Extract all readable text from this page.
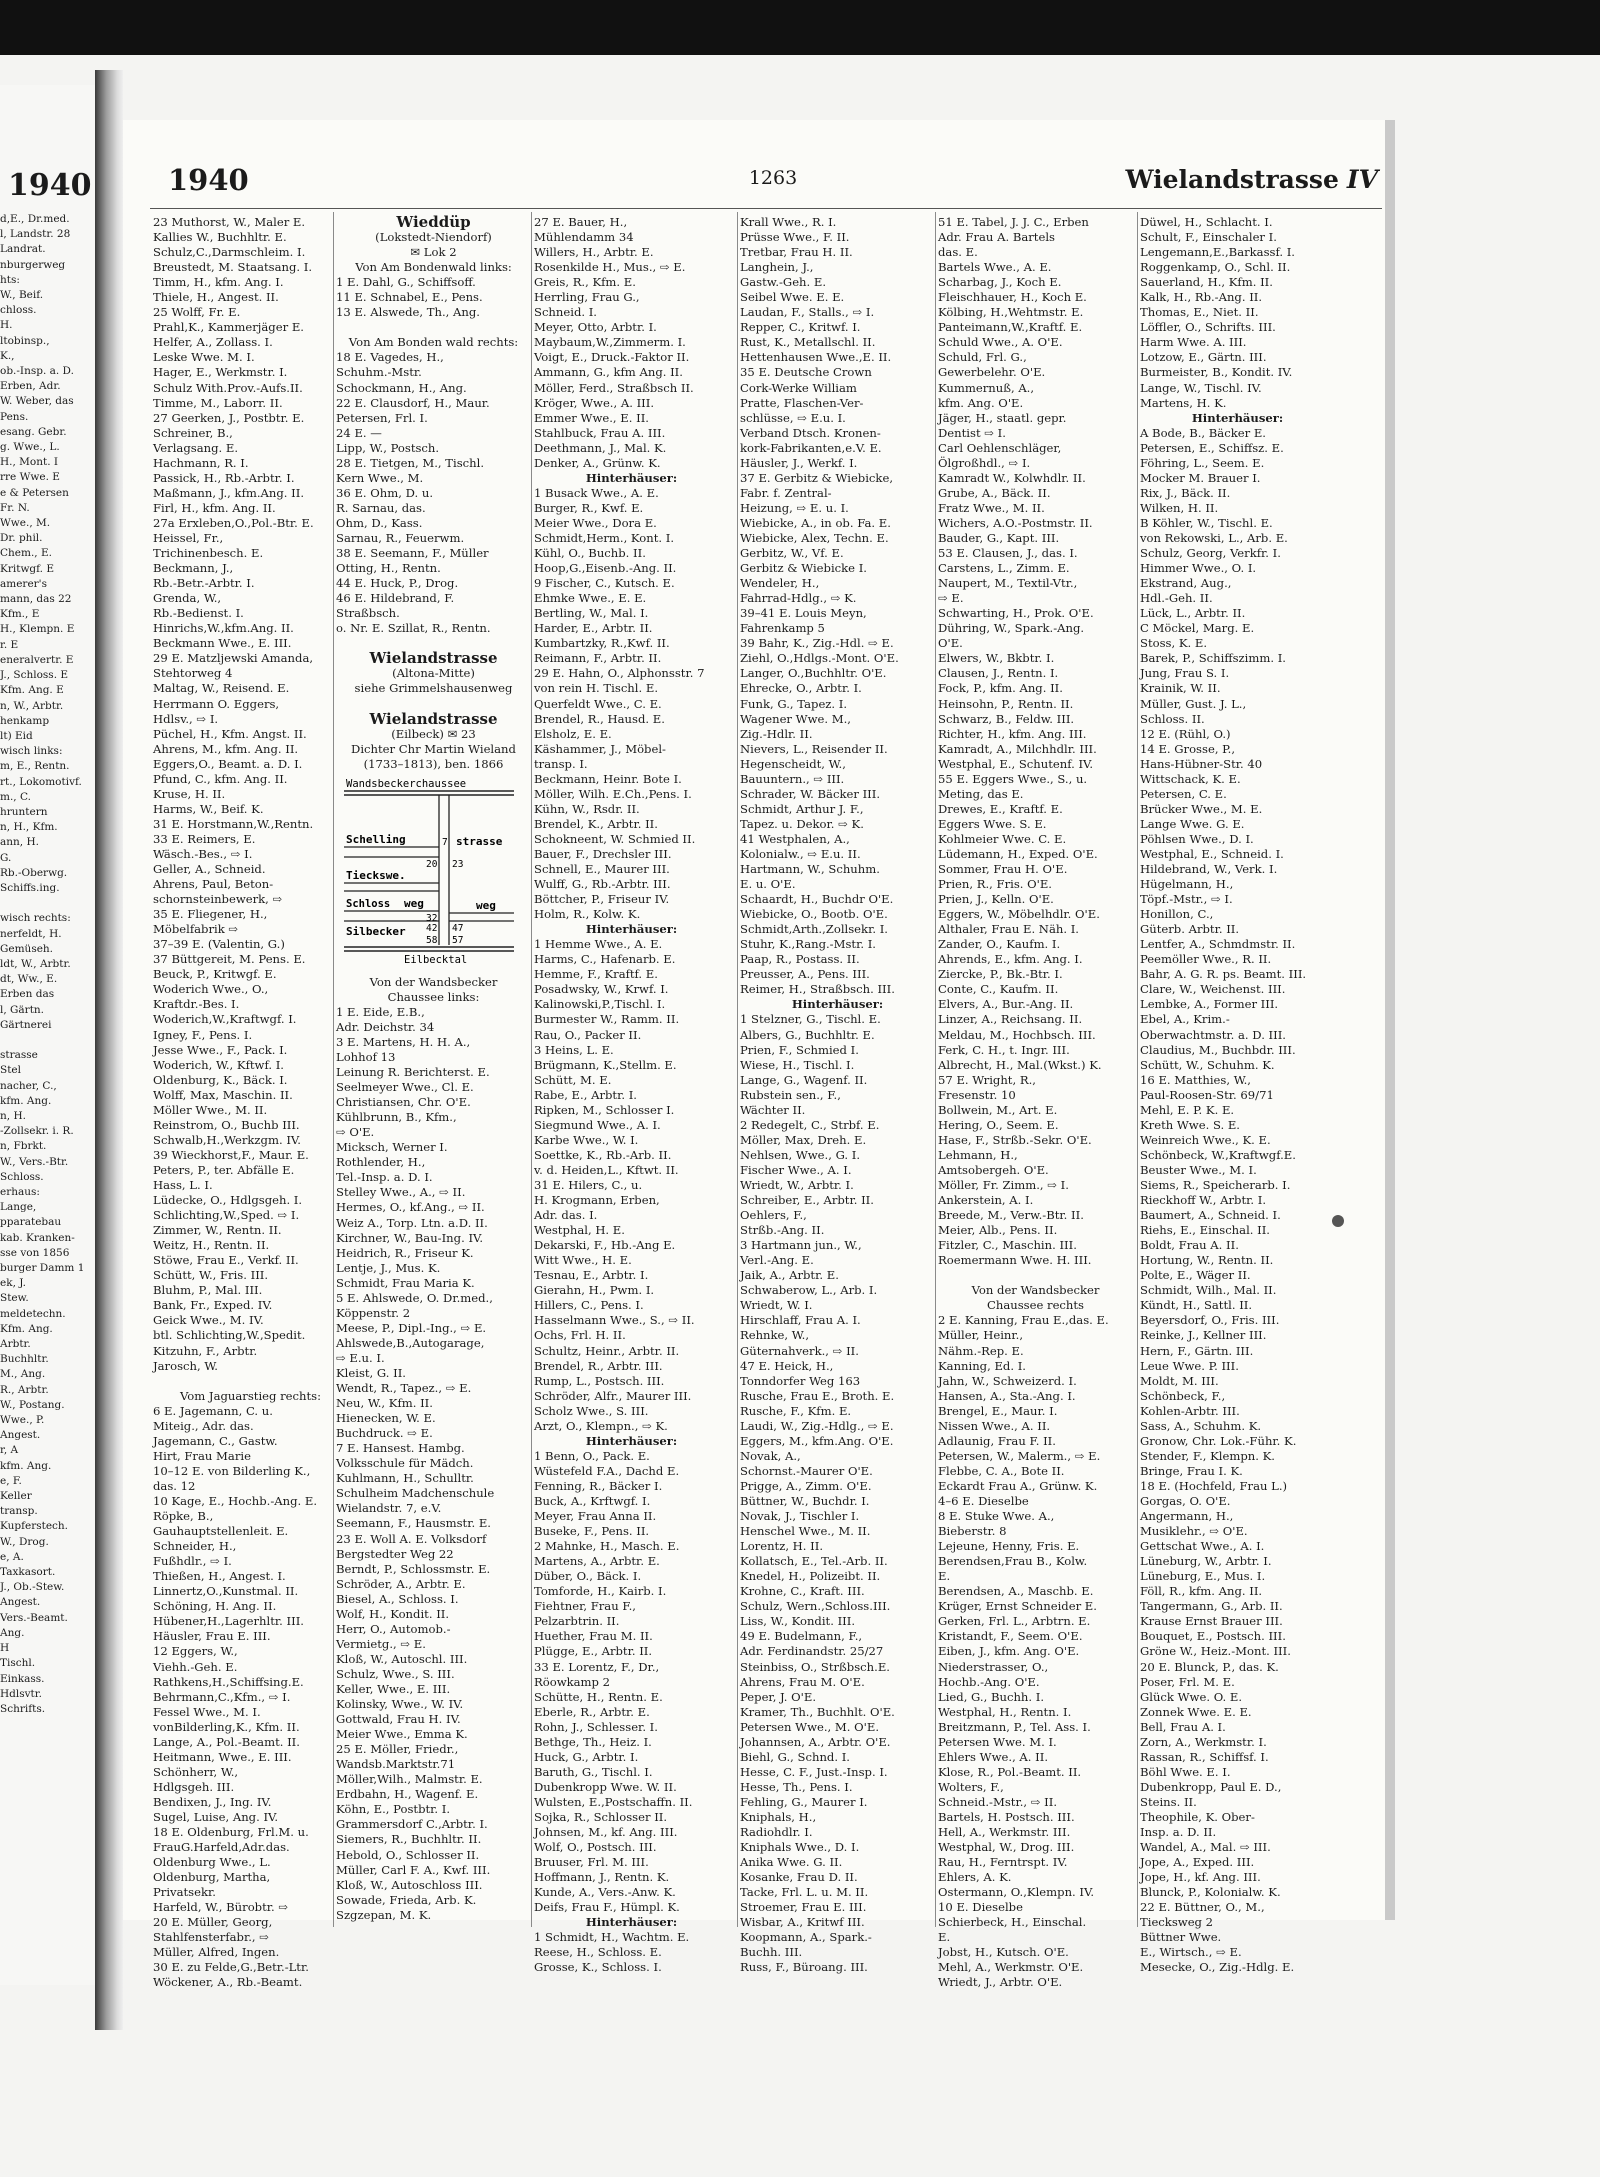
1940
d,E., Dr.med.
l, Landstr. 28
Landrat.
nburgerweg
hts:
W., Beif.
chloss.
H.
ltobinsp.,
K.,
ob.-Insp. a. D.
Erben, Adr.
W. Weber, das
Pens.
esang. Gebr.
g. Wwe., L.
H., Mont. I
rre Wwe. E
e & Petersen
Fr. N.
Wwe., M.
Dr. phil.
Chem., E.
Kritwgf. E
amerer's
mann, das 22
Kfm., E
H., Klempn. E
r. E
eneralvertr. E
J., Schloss. E
Kfm. Ang. E
n, W., Arbtr.
henkamp
lt) Eid
wisch links:
m, E., Rentn.
rt., Lokomotivf.
m., C.
hruntern
n, H., Kfm.
ann, H.
G.
Rb.-Oberwg.
Schiffs.ing.

wisch rechts:
nerfeldt, H.
Gemüseh.
ldt, W., Arbtr.
dt, Ww., E.
Erben das
l, Gärtn.
Gärtnerei

strasse
Stel
nacher, C.,
kfm. Ang.
n, H.
-Zollsekr. i. R.
n, Fbrkt.
W., Vers.-Btr.
Schloss.
erhaus:
Lange,
pparatebau
kab. Kranken-
sse von 1856
burger Damm 1
ek, J.
Stew.
meldetechn.
Kfm. Ang.
Arbtr.
Buchhltr.
M., Ang.
R., Arbtr.
W., Postang.
Wwe., P.
Angest.
r, A
kfm. Ang.
e, F.
Keller
transp.
Kupferstech.
W., Drog.
e, A.
Taxkasort.
J., Ob.-Stew.
Angest.
Vers.-Beamt.
Ang.
H
Tischl.
Einkass.
Hdlsvtr.
Schrifts.

1940	1263	Wielandstrasse IV
23 Muthorst, W., Maler E.
Kallies W., Buchhltr. E.
Schulz,C.,Darmschleim. I.
Breustedt, M. Staatsang. I.
Timm, H., kfm. Ang. I.
Thiele, H., Angest. II.
25 Wolff, Fr. E.
Prahl,K., Kammerjäger E.
Helfer, A., Zollass. I.
Leske Wwe. M. I.
Hager, E., Werkmstr. I.
Schulz With.Prov.-Aufs.II.
Timme, M., Laborr. II.
27 Geerken, J., Postbtr. E.
Schreiner, B.,
Verlagsang. E.
Hachmann, R. I.
Passick, H., Rb.-Arbtr. I.
Maßmann, J., kfm.Ang. II.
Firl, H., kfm. Ang. II.
27a Erxleben,O.,Pol.-Btr. E.
Heissel, Fr.,
Trichinenbesch. E.
Beckmann, J.,
Rb.-Betr.-Arbtr. I.
Grenda, W.,
Rb.-Bedienst. I.
Hinrichs,W.,kfm.Ang. II.
Beckmann Wwe., E. III.
29 E. Matzljewski Amanda,
Stehtorweg 4
Maltag, W., Reisend. E.
Herrmann O. Eggers,
Hdlsv., ⇨ I.
Püchel, H., Kfm. Angst. II.
Ahrens, M., kfm. Ang. II.
Eggers,O., Beamt. a. D. I.
Pfund, C., kfm. Ang. II.
Kruse, H. II.
Harms, W., Beif. K.
31 E. Horstmann,W.,Rentn.
33 E. Reimers, E.
Wäsch.-Bes., ⇨ I.
Geller, A., Schneid.
Ahrens, Paul, Beton-
schornsteinbewerk, ⇨
35 E. Fliegener, H.,
Möbelfabrik ⇨
37–39 E. (Valentin, G.)
37 Büttgereit, M. Pens. E.
Beuck, P., Kritwgf. E.
Woderich Wwe., O.,
Kraftdr.-Bes. I.
Woderich,W.,Kraftwgf. I.
Igney, F., Pens. I.
Jesse Wwe., F., Pack. I.
Woderich, W., Kftwf. I.
Oldenburg, K., Bäck. I.
Wolff, Max, Maschin. II.
Möller Wwe., M. II.
Reinstrom, O., Buchb III.
Schwalb,H.,Werkzgm. IV.
39 Wieckhorst,F., Maur. E.
Peters, P., ter. Abfälle E.
Hass, L. I.
Lüdecke, O., Hdlgsgeh. I.
Schlichting,W.,Sped. ⇨ I.
Zimmer, W., Rentn. II.
Weitz, H., Rentn. II.
Stöwe, Frau E., Verkf. II.
Schütt, W., Fris. III.
Bluhm, P., Mal. III.
Bank, Fr., Exped. IV.
Geick Wwe., M. IV.
btl. Schlichting,W.,Spedit.
Kitzuhn, F., Arbtr.
Jarosch, W.

Vom Jaguarstieg rechts:
6 E. Jagemann, C. u.
Miteig., Adr. das.
Jagemann, C., Gastw.
Hirt, Frau Marie
10–12 E. von Bilderling K.,
das. 12
10 Kage, E., Hochb.-Ang. E.
Röpke, B.,
Gauhauptstellenleit. E.
Schneider, H.,
Fußhdlr., ⇨ I.
Thießen, H., Angest. I.
Linnertz,O.,Kunstmal. II.
Schöning, H. Ang. II.
Hübener,H.,Lagerhltr. III.
Häusler, Frau E. III.
12 Eggers, W.,
Viehh.-Geh. E.
Rathkens,H.,Schiffsing.E.
Behrmann,C.,Kfm., ⇨ I.
Fessel Wwe., M. I.
vonBilderling,K., Kfm. II.
Lange, A., Pol.-Beamt. II.
Heitmann, Wwe., E. III.
Schönherr, W.,
Hdlgsgeh. III.
Bendixen, J., Ing. IV.
Sugel, Luise, Ang. IV.
18 E. Oldenburg, Frl.M. u.
FrauG.Harfeld,Adr.das.
Oldenburg Wwe., L.
Oldenburg, Martha,
Privatsekr.
Harfeld, W., Bürobtr. ⇨
20 E. Müller, Georg,
Stahlfensterfabr., ⇨
Müller, Alfred, Ingen.
30 E. zu Felde,G.,Betr.-Ltr.
Wöckener, A., Rb.-Beamt.
Wieddüp
(Lokstedt-Niendorf)
✉ Lok 2
Von Am Bondenwald links:
1 E. Dahl, G., Schiffsoff.
11 E. Schnabel, E., Pens.
13 E. Alswede, Th., Ang.

Von Am Bonden wald rechts:
18 E. Vagedes, H.,
Schuhm.-Mstr.
Schockmann, H., Ang.
22 E. Clausdorf, H., Maur.
Petersen, Frl. I.
24 E. —
Lipp, W., Postsch.
28 E. Tietgen, M., Tischl.
Kern Wwe., M.
36 E. Ohm, D. u.
R. Sarnau, das.
Ohm, D., Kass.
Sarnau, R., Feuerwm.
38 E. Seemann, F., Müller
Otting, H., Rentn.
44 E. Huck, P., Drog.
46 E. Hildebrand, F.
Straßbsch.
o. Nr. E. Szillat, R., Rentn.

Wielandstrasse
(Altona-Mitte)
siehe Grimmelshausenweg

Wielandstrasse
(Eilbeck) ✉ 23
Dichter Chr Martin Wieland
(1733–1813), ben. 1866
Wandsbeckerchaussee
Schelling
Tieckswe.
Schloss
Silbecker
weg
strasse
weg
20 23
32
58 57
47
42
7
Eilbecktal
Von der Wandsbecker
Chaussee links:
1 E. Eide, E.B.,
Adr. Deichstr. 34
3 E. Martens, H. H. A.,
Lohhof 13
Leinung R. Berichterst. E.
Seelmeyer Wwe., Cl. E.
Christiansen, Chr. O'E.
Kühlbrunn, B., Kfm.,
⇨ O'E.
Micksch, Werner I.
Rothlender, H.,
Tel.-Insp. a. D. I.
Stelley Wwe., A., ⇨ II.
Hermes, O., kf.Ang., ⇨ II.
Weiz A., Torp. Ltn. a.D. II.
Kirchner, W., Bau-Ing. IV.
Heidrich, R., Friseur K.
Lentje, J., Mus. K.
Schmidt, Frau Maria K.
5 E. Ahlswede, O. Dr.med.,
Köppenstr. 2
Meese, P., Dipl.-Ing., ⇨ E.
Ahlswede,B.,Autogarage,
⇨ E.u. I.
Kleist, G. II.
Wendt, R., Tapez., ⇨ E.
Neu, W., Kfm. II.
Hienecken, W. E.
Buchdruck. ⇨ E.
7 E. Hansest. Hambg.
Volksschule für Mädch.
Kuhlmann, H., Schulltr.
Schulheim Madchenschule
Wielandstr. 7, e.V.
Seemann, F., Hausmstr. E.
23 E. Woll A. E. Volksdorf
Bergstedter Weg 22
Berndt, P., Schlossmstr. E.
Schröder, A., Arbtr. E.
Biesel, A., Schloss. I.
Wolf, H., Kondit. II.
Herr, O., Automob.-
Vermietg., ⇨ E.
Kloß, W., Autoschl. III.
Schulz, Wwe., S. III.
Keller, Wwe., E. III.
Kolinsky, Wwe., W. IV.
Gottwald, Frau H. IV.
Meier Wwe., Emma K.
25 E. Möller, Friedr.,
Wandsb.Marktstr.71
Möller,Wilh., Malmstr. E.
Erdbahn, H., Wagenf. E.
Köhn, E., Postbtr. I.
Grammersdorf C.,Arbtr. I.
Siemers, R., Buchhltr. II.
Hebold, O., Schlosser II.
Müller, Carl F. A., Kwf. III.
Kloß, W., Autoschloss III.
Sowade, Frieda, Arb. K.
Szgzepan, M. K.
27 E. Bauer, H.,
Mühlendamm 34
Willers, H., Arbtr. E.
Rosenkilde H., Mus., ⇨ E.
Greis, R., Kfm. E.
Herrling, Frau G.,
Schneid. I.
Meyer, Otto, Arbtr. I.
Maybaum,W.,Zimmerm. I.
Voigt, E., Druck.-Faktor II.
Ammann, G., kfm Ang. II.
Möller, Ferd., Straßbsch II.
Kröger, Wwe., A. III.
Emmer Wwe., E. II.
Stahlbuck, Frau A. III.
Deethmann, J., Mal. K.
Denker, A., Grünw. K.
Hinterhäuser:
1 Busack Wwe., A. E.
Burger, R., Kwf. E.
Meier Wwe., Dora E.
Schmidt,Herm., Kont. I.
Kühl, O., Buchb. II.
Hoop,G.,Eisenb.-Ang. II.
9 Fischer, C., Kutsch. E.
Ehmke Wwe., E. E.
Bertling, W., Mal. I.
Harder, E., Arbtr. II.
Kumbartzky, R.,Kwf. II.
Reimann, F., Arbtr. II.
29 E. Hahn, O., Alphonsstr. 7
von rein H. Tischl. E.
Querfeldt Wwe., C. E.
Brendel, R., Hausd. E.
Elsholz, E. E.
Käshammer, J., Möbel-
transp. I.
Beckmann, Heinr. Bote I.
Möller, Wilh. E.Ch.,Pens. I.
Kühn, W., Rsdr. II.
Brendel, K., Arbtr. II.
Schokneent, W. Schmied II.
Bauer, F., Drechsler III.
Schnell, E., Maurer III.
Wulff, G., Rb.-Arbtr. III.
Böttcher, P., Friseur IV.
Holm, R., Kolw. K.
Hinterhäuser:
1 Hemme Wwe., A. E.
Harms, C., Hafenarb. E.
Hemme, F., Kraftf. E.
Posadwsky, W., Krwf. I.
Kalinowski,P.,Tischl. I.
Burmester W., Ramm. II.
Rau, O., Packer II.
3 Heins, L. E.
Brügmann, K.,Stellm. E.
Schütt, M. E.
Rabe, E., Arbtr. I.
Ripken, M., Schlosser I.
Siegmund Wwe., A. I.
Karbe Wwe., W. I.
Soettke, K., Rb.-Arb. II.
v. d. Heiden,L., Kftwt. II.
31 E. Hilers, C., u.
H. Krogmann, Erben,
Adr. das. I.
Westphal, H. E.
Dekarski, F., Hb.-Ang E.
Witt Wwe., H. E.
Tesnau, E., Arbtr. I.
Gierahn, H., Pwm. I.
Hillers, C., Pens. I.
Hasselmann Wwe., S., ⇨ II.
Ochs, Frl. H. II.
Schultz, Heinr., Arbtr. II.
Brendel, R., Arbtr. III.
Rump, L., Postsch. III.
Schröder, Alfr., Maurer III.
Scholz Wwe., S. III.
Arzt, O., Klempn., ⇨ K.
Hinterhäuser:
1 Benn, O., Pack. E.
Wüstefeld F.A., Dachd E.
Fenning, R., Bäcker I.
Buck, A., Krftwgf. I.
Meyer, Frau Anna II.
Buseke, F., Pens. II.
2 Mahnke, H., Masch. E.
Martens, A., Arbtr. E.
Düber, O., Bäck. I.
Tomforde, H., Kairb. I.
Fiehtner, Frau F.,
Pelzarbtrin. II.
Huether, Frau M. II.
Plügge, E., Arbtr. II.
33 E. Lorentz, F., Dr.,
Röowkamp 2
Schütte, H., Rentn. E.
Eberle, R., Arbtr. E.
Rohn, J., Schlesser. I.
Bethge, Th., Heiz. I.
Huck, G., Arbtr. I.
Baruth, G., Tischl. I.
Dubenkropp Wwe. W. II.
Wulsten, E.,Postschaffn. II.
Sojka, R., Schlosser II.
Johnsen, M., kf. Ang. III.
Wolf, O., Postsch. III.
Bruuser, Frl. M. III.
Hoffmann, J., Rentn. K.
Kunde, A., Vers.-Anw. K.
Deifs, Frau F., Hümpl. K.
Hinterhäuser:
1 Schmidt, H., Wachtm. E.
Reese, H., Schloss. E.
Grosse, K., Schloss. I.
Krall Wwe., R. I.
Prüsse Wwe., F. II.
Tretbar, Frau H. II.
Langhein, J.,
Gastw.-Geh. E.
Seibel Wwe. E. E.
Laudan, F., Stalls., ⇨ I.
Repper, C., Kritwf. I.
Rust, K., Metallschl. II.
Hettenhausen Wwe.,E. II.
35 E. Deutsche Crown
Cork-Werke William
Pratte, Flaschen-Ver-
schlüsse, ⇨ E.u. I.
Verband Dtsch. Kronen-
kork-Fabrikanten,e.V. E.
Häusler, J., Werkf. I.
37 E. Gerbitz & Wiebicke,
Fabr. f. Zentral-
Heizung, ⇨ E. u. I.
Wiebicke, A., in ob. Fa. E.
Wiebicke, Alex, Techn. E.
Gerbitz, W., Vf. E.
Gerbitz & Wiebicke I.
Wendeler, H.,
Fahrrad-Hdlg., ⇨ K.
39–41 E. Louis Meyn,
Fahrenkamp 5
39 Bahr, K., Zig.-Hdl. ⇨ E.
Ziehl, O.,Hdlgs.-Mont. O'E.
Langer, O.,Buchhltr. O'E.
Ehrecke, O., Arbtr. I.
Funk, G., Tapez. I.
Wagener Wwe. M.,
Zig.-Hdlr. II.
Nievers, L., Reisender II.
Hegenscheidt, W.,
Bauuntern., ⇨ III.
Schrader, W. Bäcker III.
Schmidt, Arthur J. F.,
Tapez. u. Dekor. ⇨ K.
41 Westphalen, A.,
Kolonialw., ⇨ E.u. II.
Hartmann, W., Schuhm.
E. u. O'E.
Schaardt, H., Buchdr O'E.
Wiebicke, O., Bootb. O'E.
Schmidt,Arth.,Zollsekr. I.
Stuhr, K.,Rang.-Mstr. I.
Paap, R., Postass. II.
Preusser, A., Pens. III.
Reimer, H., Straßbsch. III.
Hinterhäuser:
1 Stelzner, G., Tischl. E.
Albers, G., Buchhltr. E.
Prien, F., Schmied I.
Wiese, H., Tischl. I.
Lange, G., Wagenf. II.
Rubstein sen., F.,
Wächter II.
2 Redegelt, C., Strbf. E.
Möller, Max, Dreh. E.
Nehlsen, Wwe., G. I.
Fischer Wwe., A. I.
Wriedt, W., Arbtr. I.
Schreiber, E., Arbtr. II.
Oehlers, F.,
Strßb.-Ang. II.
3 Hartmann jun., W.,
Verl.-Ang. E.
Jaik, A., Arbtr. E.
Schwaberow, L., Arb. I.
Wriedt, W. I.
Hirschlaff, Frau A. I.
Rehnke, W.,
Güternahverk., ⇨ II.
47 E. Heick, H.,
Tonndorfer Weg 163
Rusche, Frau E., Broth. E.
Rusche, F., Kfm. E.
Laudi, W., Zig.-Hdlg., ⇨ E.
Eggers, M., kfm.Ang. O'E.
Novak, A.,
Schornst.-Maurer O'E.
Prigge, A., Zimm. O'E.
Büttner, W., Buchdr. I.
Novak, J., Tischler I.
Henschel Wwe., M. II.
Lorentz, H. II.
Kollatsch, E., Tel.-Arb. II.
Knedel, H., Polizeibt. II.
Krohne, C., Kraft. III.
Schulz, Wern.,Schloss.III.
Liss, W., Kondit. III.
49 E. Budelmann, F.,
Adr. Ferdinandstr. 25/27
Steinbiss, O., Strßbsch.E.
Ahrens, Frau M. O'E.
Peper, J. O'E.
Kramer, Th., Buchhlt. O'E.
Petersen Wwe., M. O'E.
Johannsen, A., Arbtr. O'E.
Biehl, G., Schnd. I.
Hesse, C. F., Just.-Insp. I.
Hesse, Th., Pens. I.
Fehling, G., Maurer I.
Kniphals, H.,
Radiohdlr. I.
Kniphals Wwe., D. I.
Anika Wwe. G. II.
Kosanke, Frau D. II.
Tacke, Frl. L. u. M. II.
Stroemer, Frau E. III.
Wisbar, A., Kritwf III.
Koopmann, A., Spark.-
Buchh. III.
Russ, F., Büroang. III.
51 E. Tabel, J. J. C., Erben
Adr. Frau A. Bartels
das. E.
Bartels Wwe., A. E.
Scharbag, J., Koch E.
Fleischhauer, H., Koch E.
Kölbing, H.,Wehtmstr. E.
Panteimann,W.,Kraftf. E.
Schuld Wwe., A. O'E.
Schuld, Frl. G.,
Gewerbelehr. O'E.
Kummernuß, A.,
kfm. Ang. O'E.
Jäger, H., staatl. gepr.
Dentist ⇨ I.
Carl Oehlenschläger,
Ölgroßhdl., ⇨ I.
Kamradt W., Kolwhdlr. II.
Grube, A., Bäck. II.
Fratz Wwe., M. II.
Wichers, A.O.-Postmstr. II.
Bauder, G., Kapt. III.
53 E. Clausen, J., das. I.
Carstens, L., Zimm. E.
Naupert, M., Textil-Vtr.,
⇨ E.
Schwarting, H., Prok. O'E.
Dühring, W., Spark.-Ang.
O'E.
Elwers, W., Bkbtr. I.
Clausen, J., Rentn. I.
Fock, P., kfm. Ang. II.
Heinsohn, P., Rentn. II.
Schwarz, B., Feldw. III.
Richter, H., kfm. Ang. III.
Kamradt, A., Milchhdlr. III.
Westphal, E., Schutenf. IV.
55 E. Eggers Wwe., S., u.
Meting, das E.
Drewes, E., Kraftf. E.
Eggers Wwe. S. E.
Kohlmeier Wwe. C. E.
Lüdemann, H., Exped. O'E.
Sommer, Frau H. O'E.
Prien, R., Fris. O'E.
Prien, J., Kelln. O'E.
Eggers, W., Möbelhdlr. O'E.
Althaler, Frau E. Näh. I.
Zander, O., Kaufm. I.
Ahrends, E., kfm. Ang. I.
Ziercke, P., Bk.-Btr. I.
Conte, C., Kaufm. II.
Elvers, A., Bur.-Ang. II.
Linzer, A., Reichsang. II.
Meldau, M., Hochbsch. III.
Ferk, C. H., t. Ingr. III.
Albrecht, H., Mal.(Wkst.) K.
57 E. Wright, R.,
Fresenstr. 10
Bollwein, M., Art. E.
Hering, O., Seem. E.
Hase, F., Strßb.-Sekr. O'E.
Lehmann, H.,
Amtsobergeh. O'E.
Möller, Fr. Zimm., ⇨ I.
Ankerstein, A. I.
Breede, M., Verw.-Btr. II.
Meier, Alb., Pens. II.
Fitzler, C., Maschin. III.
Roemermann Wwe. H. III.

Von der Wandsbecker
Chaussee rechts
2 E. Kanning, Frau E.,das. E.
Müller, Heinr.,
Nähm.-Rep. E.
Kanning, Ed. I.
Jahn, W., Schweizerd. I.
Hansen, A., Sta.-Ang. I.
Brengel, E., Maur. I.
Nissen Wwe., A. II.
Adlaunig, Frau F. II.
Petersen, W., Malerm., ⇨ E.
Flebbe, C. A., Bote II.
Eckardt Frau A., Grünw. K.
4–6 E. Dieselbe
8 E. Stuke Wwe. A.,
Bieberstr. 8
Lejeune, Henny, Fris. E.
Berendsen,Frau B., Kolw.
E.
Berendsen, A., Maschb. E.
Krüger, Ernst Schneider E.
Gerken, Frl. L., Arbtrn. E.
Kristandt, F., Seem. O'E.
Eiben, J., kfm. Ang. O'E.
Niederstrasser, O.,
Hochb.-Ang. O'E.
Lied, G., Buchh. I.
Westphal, H., Rentn. I.
Breitzmann, P., Tel. Ass. I.
Petersen Wwe. M. I.
Ehlers Wwe., A. II.
Klose, R., Pol.-Beamt. II.
Wolters, F.,
Schneid.-Mstr., ⇨ II.
Bartels, H. Postsch. III.
Hell, A., Werkmstr. III.
Westphal, W., Drog. III.
Rau, H., Ferntrspt. IV.
Ehlers, A. K.
Ostermann, O.,Klempn. IV.
10 E. Dieselbe
Schierbeck, H., Einschal.
E.
Jobst, H., Kutsch. O'E.
Mehl, A., Werkmstr. O'E.
Wriedt, J., Arbtr. O'E.
Düwel, H., Schlacht. I.
Schult, F., Einschaler I.
Lengemann,E.,Barkassf. I.
Roggenkamp, O., Schl. II.
Sauerland, H., Kfm. II.
Kalk, H., Rb.-Ang. II.
Thomas, E., Niet. II.
Löffler, O., Schrifts. III.
Harm Wwe. A. III.
Lotzow, E., Gärtn. III.
Burmeister, B., Kondit. IV.
Lange, W., Tischl. IV.
Martens, H. K.
Hinterhäuser:
A Bode, B., Bäcker E.
Petersen, E., Schiffsz. E.
Föhring, L., Seem. E.
Mocker M. Brauer I.
Rix, J., Bäck. II.
Wilken, H. II.
B Köhler, W., Tischl. E.
von Rekowski, L., Arb. E.
Schulz, Georg, Verkfr. I.
Himmer Wwe., O. I.
Ekstrand, Aug.,
Hdl.-Geh. II.
Lück, L., Arbtr. II.
C Möckel, Marg. E.
Stoss, K. E.
Barek, P., Schiffszimm. I.
Jung, Frau S. I.
Krainik, W. II.
Müller, Gust. J. L.,
Schloss. II.
12 E. (Rühl, O.)
14 E. Grosse, P.,
Hans-Hübner-Str. 40
Wittschack, K. E.
Petersen, C. E.
Brücker Wwe., M. E.
Lange Wwe. G. E.
Pöhlsen Wwe., D. I.
Westphal, E., Schneid. I.
Hildebrand, W., Verk. I.
Hügelmann, H.,
Töpf.-Mstr., ⇨ I.
Honillon, C.,
Güterb. Arbtr. II.
Lentfer, A., Schmdmstr. II.
Peemöller Wwe., R. II.
Bahr, A. G. R. ps. Beamt. III.
Clare, W., Weichenst. III.
Lembke, A., Former III.
Ebel, A., Krim.-
Oberwachtmstr. a. D. III.
Claudius, M., Buchbdr. III.
Schütt, W., Schuhm. K.
16 E. Matthies, W.,
Paul-Roosen-Str. 69/71
Mehl, E. P. K. E.
Kreth Wwe. S. E.
Weinreich Wwe., K. E.
Schönbeck, W.,Kraftwgf.E.
Beuster Wwe., M. I.
Siems, R., Speicherarb. I.
Rieckhoff W., Arbtr. I.
Baumert, A., Schneid. I.
Riehs, E., Einschal. II.
Boldt, Frau A. II.
Hortung, W., Rentn. II.
Polte, E., Wäger II.
Schmidt, Wilh., Mal. II.
Kündt, H., Sattl. II.
Beyersdorf, O., Fris. III.
Reinke, J., Kellner III.
Hern, F., Gärtn. III.
Leue Wwe. P. III.
Moldt, M. III.
Schönbeck, F.,
Kohlen-Arbtr. III.
Sass, A., Schuhm. K.
Gronow, Chr. Lok.-Führ. K.
Stender, F., Klempn. K.
Bringe, Frau I. K.
18 E. (Hochfeld, Frau L.)
Gorgas, O. O'E.
Angermann, H.,
Musiklehr., ⇨ O'E.
Gettschat Wwe., A. I.
Lüneburg, W., Arbtr. I.
Lüneburg, E., Mus. I.
Föll, R., kfm. Ang. II.
Tangermann, G., Arb. II.
Krause Ernst Brauer III.
Bouquet, E., Postsch. III.
Gröne W., Heiz.-Mont. III.
20 E. Blunck, P., das. K.
Poser, Frl. M. E.
Glück Wwe. O. E.
Zonnek Wwe. E. E.
Bell, Frau A. I.
Zorn, A., Werkmstr. I.
Rassan, R., Schiffsf. I.
Böhl Wwe. E. I.
Dubenkropp, Paul E. D.,
Steins. II.
Theophile, K. Ober-
Insp. a. D. II.
Wandel, A., Mal. ⇨ III.
Jope, A., Exped. III.
Jope, H., kf. Ang. III.
Blunck, P., Kolonialw. K.
22 E. Büttner, O., M.,
Tiecksweg 2
Büttner Wwe.
E., Wirtsch., ⇨ E.
Mesecke, O., Zig.-Hdlg. E.
